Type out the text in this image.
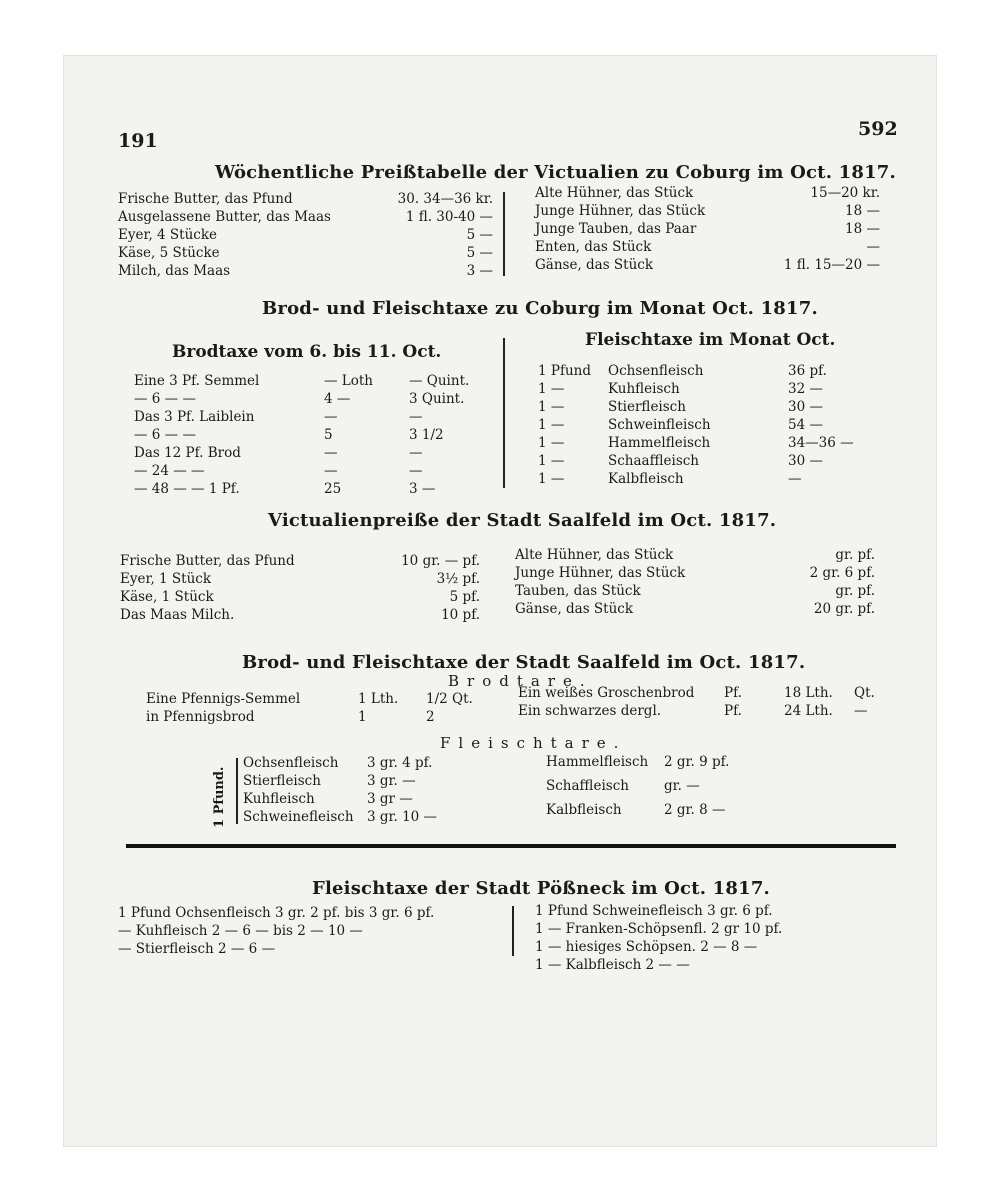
191
592
Wöchentliche Preißtabelle der Victualien zu Coburg im Oct. 1817.
Frische Butter, das Pfund	30. 34—36 kr.
Ausgelassene Butter, das Maas	1 fl. 30-40 —
Eyer, 4 Stücke	5 —
Käse, 5 Stücke	5 —
Milch, das Maas	3 —
Alte Hühner, das Stück	15—20 kr.
Junge Hühner, das Stück	18 —
Junge Tauben, das Paar	18 —
Enten, das Stück	—
Gänse, das Stück	1 fl. 15—20 —
Brod- und Fleischtaxe zu Coburg im Monat Oct. 1817.
Brodtaxe vom 6. bis 11. Oct.
Eine 3 Pf. Semmel	— Loth	— Quint.
— 6 — —	4 —	3 Quint.
Das 3 Pf. Laiblein	—	—
— 6 — —	5	3 1/2
Das 12 Pf. Brod	—	—
— 24 — —	—	—
— 48 — — 1 Pf.	25	3 —
Fleischtaxe im Monat Oct.
1 Pfund	Ochsenfleisch	36 pf.
1 —	Kuhfleisch	32 —
1 —	Stierfleisch	30 —
1 —	Schweinfleisch	54 —
1 —	Hammelfleisch	34—36 —
1 —	Schaaffleisch	30 —
1 —	Kalbfleisch	—
Victualienpreiße der Stadt Saalfeld im Oct. 1817.
Frische Butter, das Pfund	10 gr. — pf.
Eyer, 1 Stück	3½ pf.
Käse, 1 Stück	5 pf.
Das Maas Milch.	10 pf.
Alte Hühner, das Stück	gr. pf.
Junge Hühner, das Stück	2 gr. 6 pf.
Tauben, das Stück	gr. pf.
Gänse, das Stück	20 gr. pf.
Brod- und Fleischtaxe der Stadt Saalfeld im Oct. 1817.
Brodtare.
Eine Pfennigs-Semmel	1 Lth.	1/2 Qt.
in Pfennigsbrod	1	2
Ein weißes Groschenbrod	Pf.	18 Lth.	Qt.
Ein schwarzes dergl.	Pf.	24 Lth.	—
Fleischtare.
1 Pfund.
Ochsenfleisch	3 gr. 4 pf.
Stierfleisch	3 gr. —
Kuhfleisch	3 gr —
Schweinefleisch 3 gr. 10 —
Hammelfleisch	2 gr. 9 pf.
Schaffleisch	gr. —
Kalbfleisch	2 gr. 8 —
Fleischtaxe der Stadt Pößneck im Oct. 1817.
1 Pfund Ochsenfleisch 3 gr. 2 pf. bis 3 gr. 6 pf.
— Kuhfleisch 2 — 6 — bis 2 — 10 —
— Stierfleisch 2 — 6 —
1 Pfund Schweinefleisch 3 gr. 6 pf.
1 — Franken-Schöpsenfl. 2 gr 10 pf.
1 — hiesiges Schöpsen. 2 — 8 —
1 — Kalbfleisch 2 — —
